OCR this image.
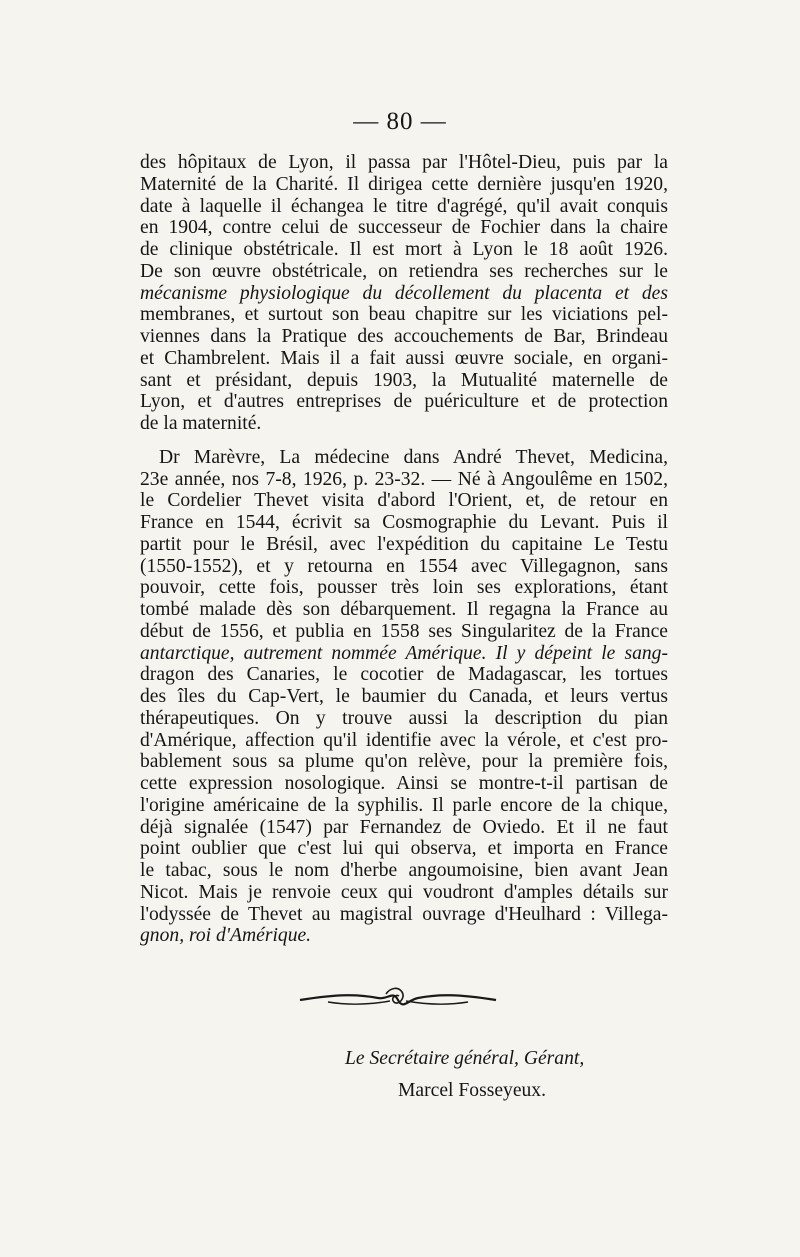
— 80 —
des hôpitaux de Lyon, il passa par l'Hôtel-Dieu, puis par la
Maternité de la Charité. Il dirigea cette dernière jusqu'en 1920,
date à laquelle il échangea le titre d'agrégé, qu'il avait conquis
en 1904, contre celui de successeur de Fochier dans la chaire
de clinique obstétricale. Il est mort à Lyon le 18 août 1926.
De son œuvre obstétricale, on retiendra ses recherches sur le
mécanisme physiologique du décollement du placenta et des
membranes, et surtout son beau chapitre sur les viciations pel-
viennes dans la Pratique des accouchements de Bar, Brindeau
et Chambrelent. Mais il a fait aussi œuvre sociale, en organi-
sant et présidant, depuis 1903, la Mutualité maternelle de
Lyon, et d'autres entreprises de puériculture et de protection
de la maternité.
Dr Marèvre, La médecine dans André Thevet, Medicina,
23e année, nos 7-8, 1926, p. 23-32. — Né à Angoulême en 1502,
le Cordelier Thevet visita d'abord l'Orient, et, de retour en
France en 1544, écrivit sa Cosmographie du Levant. Puis il
partit pour le Brésil, avec l'expédition du capitaine Le Testu
(1550-1552), et y retourna en 1554 avec Villegagnon, sans
pouvoir, cette fois, pousser très loin ses explorations, étant
tombé malade dès son débarquement. Il regagna la France au
début de 1556, et publia en 1558 ses Singularitez de la France
antarctique, autrement nommée Amérique. Il y dépeint le sang-
dragon des Canaries, le cocotier de Madagascar, les tortues
des îles du Cap-Vert, le baumier du Canada, et leurs vertus
thérapeutiques. On y trouve aussi la description du pian
d'Amérique, affection qu'il identifie avec la vérole, et c'est pro-
bablement sous sa plume qu'on relève, pour la première fois,
cette expression nosologique. Ainsi se montre-t-il partisan de
l'origine américaine de la syphilis. Il parle encore de la chique,
déjà signalée (1547) par Fernandez de Oviedo. Et il ne faut
point oublier que c'est lui qui observa, et importa en France
le tabac, sous le nom d'herbe angoumoisine, bien avant Jean
Nicot. Mais je renvoie ceux qui voudront d'amples détails sur
l'odyssée de Thevet au magistral ouvrage d'Heulhard : Villega-
gnon, roi d'Amérique.
Le Secrétaire général, Gérant,
Marcel Fosseyeux.
